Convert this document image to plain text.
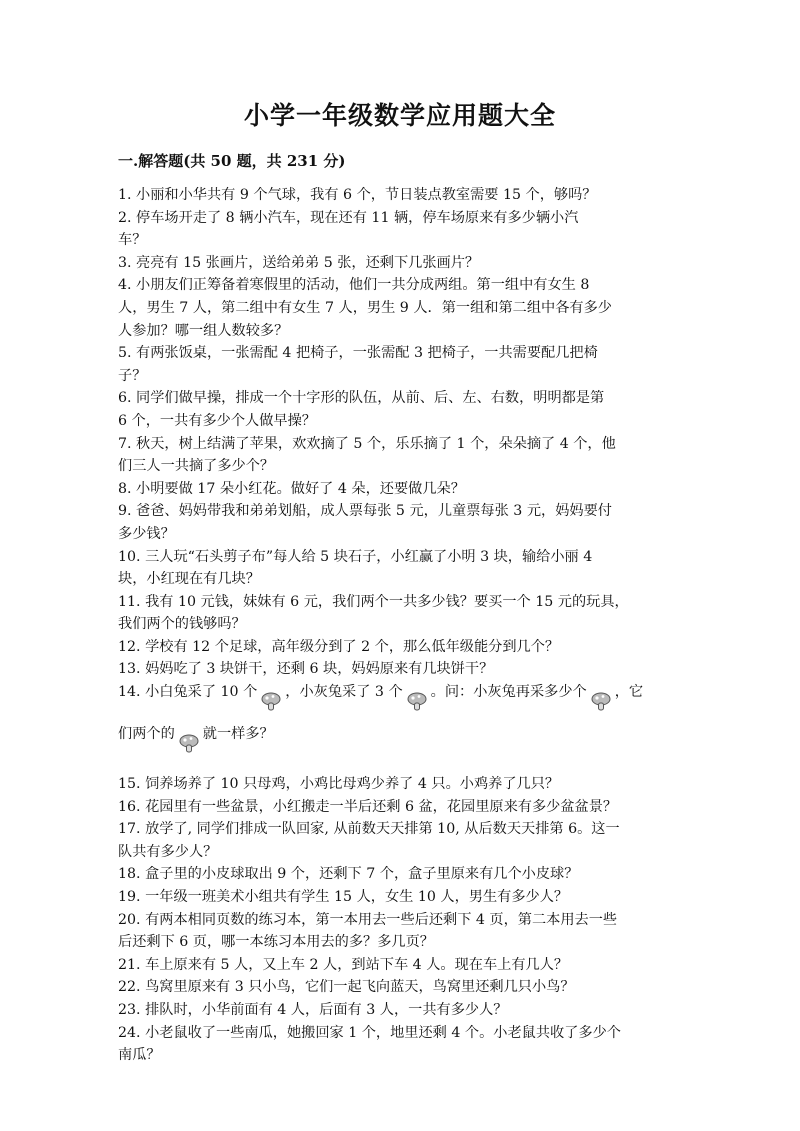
小学一年级数学应用题大全
一.解答题(共 50 题，共 231 分)
1. 小丽和小华共有 9 个气球，我有 6 个，节日装点教室需要 15 个，够吗？
2. 停车场开走了 8 辆小汽车，现在还有 11 辆，停车场原来有多少辆小汽
车？
3. 亮亮有 15 张画片，送给弟弟 5 张，还剩下几张画片？
4. 小朋友们正筹备着寒假里的活动，他们一共分成两组。第一组中有女生 8
人，男生 7 人，第二组中有女生 7 人，男生 9 人．第一组和第二组中各有多少
人参加？哪一组人数较多？
5. 有两张饭桌，一张需配 4 把椅子，一张需配 3 把椅子，一共需要配几把椅
子？
6. 同学们做早操，排成一个十字形的队伍，从前、后、左、右数，明明都是第
6 个，一共有多少个人做早操？
7. 秋天，树上结满了苹果，欢欢摘了 5 个，乐乐摘了 1 个，朵朵摘了 4 个，他
们三人一共摘了多少个？
8. 小明要做 17 朵小红花。做好了 4 朵，还要做几朵？
9. 爸爸、妈妈带我和弟弟划船，成人票每张 5 元，儿童票每张 3 元，妈妈要付
多少钱？
10. 三人玩“石头剪子布”每人给 5 块石子，小红赢了小明 3 块，输给小丽 4
块，小红现在有几块？
11. 我有 10 元钱，妹妹有 6 元，我们两个一共多少钱？要买一个 15 元的玩具，
我们两个的钱够吗？
12. 学校有 12 个足球，高年级分到了 2 个，那么低年级能分到几个？
13. 妈妈吃了 3 块饼干，还剩 6 块，妈妈原来有几块饼干？
14. 小白兔采了 10 个 ，小灰兔采了 3 个 。问：小灰兔再采多少个 ，它
们两个的 就一样多？
15. 饲养场养了 10 只母鸡，小鸡比母鸡少养了 4 只。小鸡养了几只？
16. 花园里有一些盆景，小红搬走一半后还剩 6 盆，花园里原来有多少盆盆景？
17. 放学了, 同学们排成一队回家, 从前数天天排第 10, 从后数天天排第 6。这一
队共有多少人？
18. 盒子里的小皮球取出 9 个，还剩下 7 个，盒子里原来有几个小皮球？
19. 一年级一班美术小组共有学生 15 人，女生 10 人，男生有多少人？
20. 有两本相同页数的练习本，第一本用去一些后还剩下 4 页，第二本用去一些
后还剩下 6 页，哪一本练习本用去的多？多几页？
21. 车上原来有 5 人，又上车 2 人，到站下车 4 人。现在车上有几人？
22. 鸟窝里原来有 3 只小鸟，它们一起飞向蓝天，鸟窝里还剩几只小鸟？
23. 排队时，小华前面有 4 人，后面有 3 人，一共有多少人？
24. 小老鼠收了一些南瓜，她搬回家 1 个，地里还剩 4 个。小老鼠共收了多少个
南瓜？
